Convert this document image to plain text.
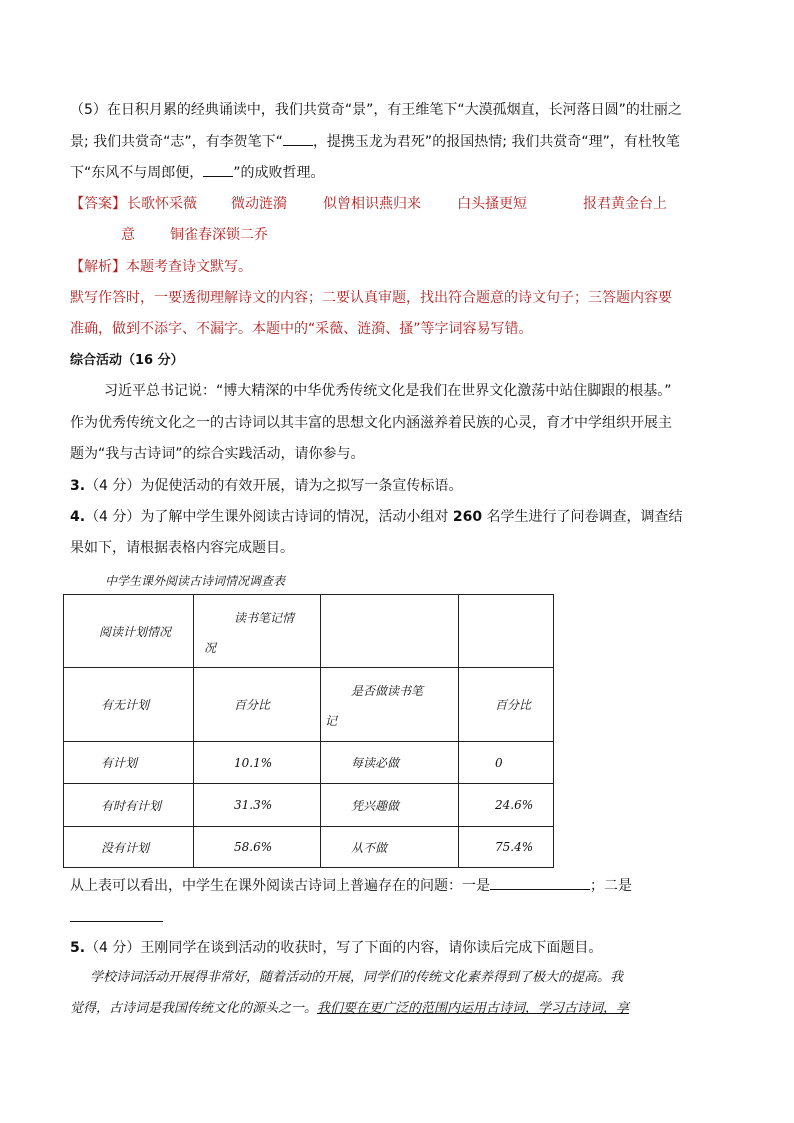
（5）在日积月累的经典诵读中，我们共赏奇“景”，有王维笔下“大漠孤烟直，长河落日圆”的壮丽之
景; 我们共赏奇“志”，有李贺笔下“ ，提携玉龙为君死”的报国热情; 我们共赏奇“理”，有杜牧笔
下“东风不与周郎便， ”的成败哲理。
【答案】 长歌怀采薇 微动涟漪	似曾相识燕归来	白头搔更短	报君黄金台上
意	铜雀春深锁二乔
【解析】本题考查诗文默写。
默写作答时，一要透彻理解诗文的内容；二要认真审题，找出符合题意的诗文句子；三答题内容要
准确，做到不添字、不漏字。本题中的“采薇、涟漪、搔”等字词容易写错。
综合活动（16 分）
习近平总书记说：“博大精深的中华优秀传统文化是我们在世界文化激荡中站住脚跟的根基。”
作为优秀传统文化之一的古诗词以其丰富的思想文化内涵滋养着民族的心灵，育才中学组织开展主
题为“我与古诗词”的综合实践活动，请你参与。
3.（4 分）为促使活动的有效开展，请为之拟写一条宣传标语。
4.（4 分）为了解中学生课外阅读古诗词的情况，活动小组对 260 名学生进行了问卷调查，调查结
果如下，请根据表格内容完成题目。
中学生课外阅读古诗词情况调查表
阅读计划情况	读书笔记情
况		

有无计划	百分比	是否做读书笔
记	百分比
有计划	10.1%	每读必做	0
有时有计划	31.3%	凭兴趣做	24.6%
没有计划	58.6%	从不做	75.4%
从上表可以看出，中学生在课外阅读古诗词上普遍存在的问题：一是	；二是
5.（4 分）王刚同学在谈到活动的收获时，写了下面的内容，请你读后完成下面题目。
学校诗词活动开展得非常好，随着活动的开展，同学们的传统文化素养得到了极大的提高。我
觉得，古诗词是我国传统文化的源头之一。我们要在更广泛的范围内运用古诗词，学习古诗词，享
